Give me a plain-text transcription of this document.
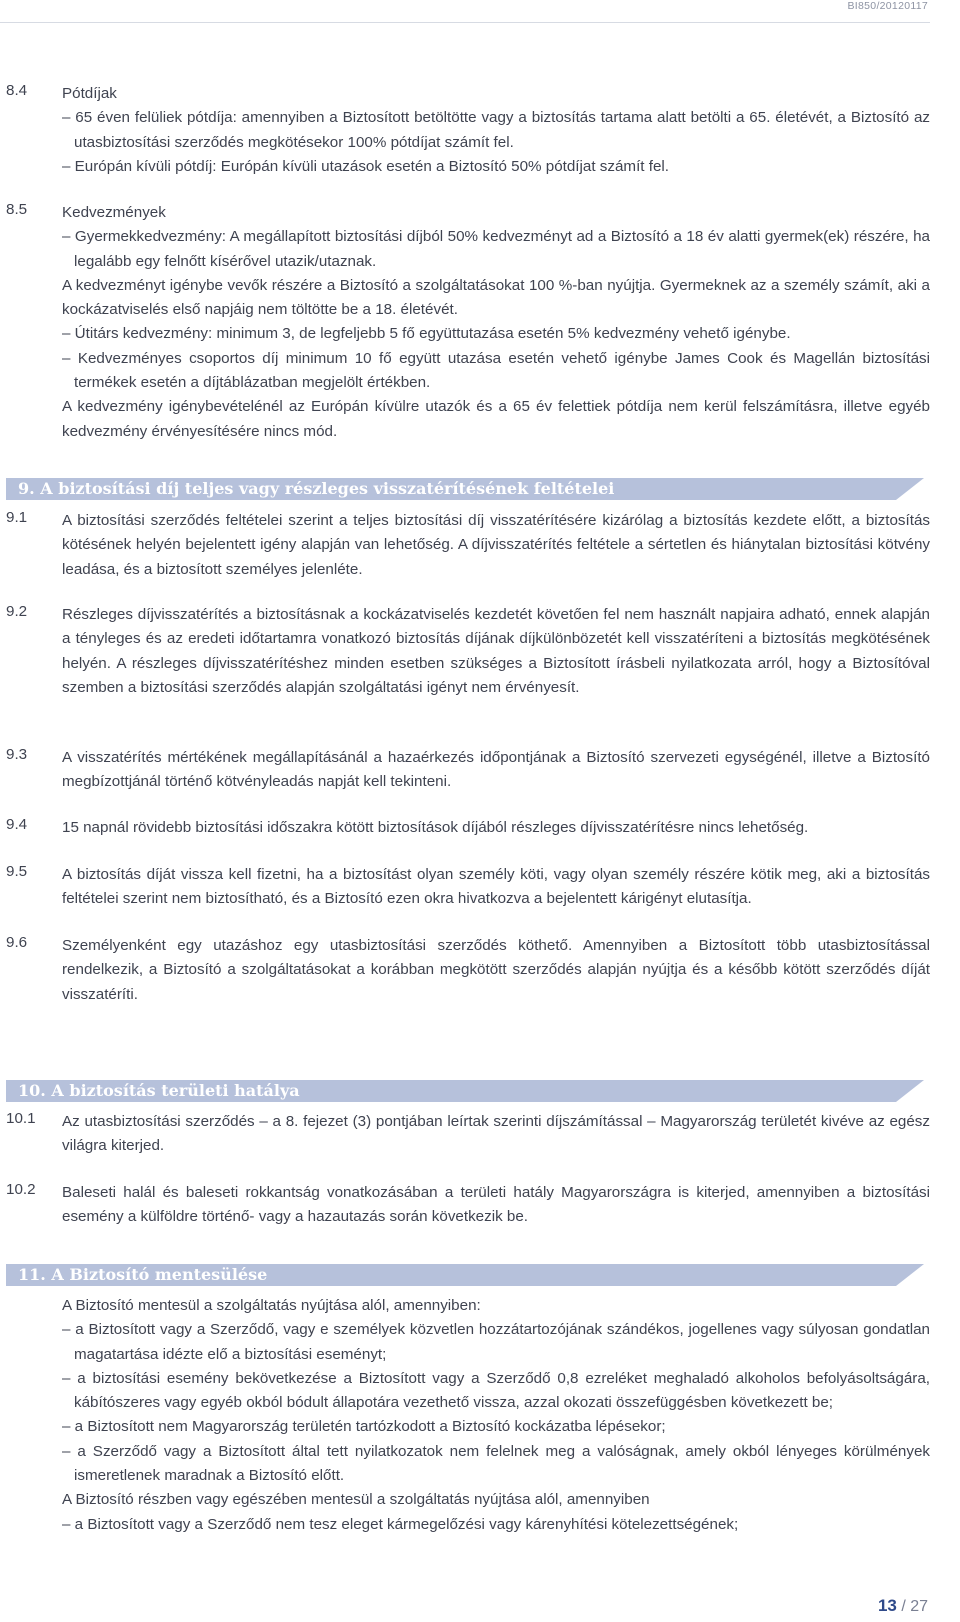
BI850/20120117
8.4 Pótdíjak

– 65 éven felüliek pótdíja: amennyiben a Biztosított betöltötte vagy a biztosítás tartama alatt betölti a 65. életévét, a Biztosító az utasbiztosítási szerződés megkötésekor 100% pótdíjat számít fel.

– Európán kívüli pótdíj: Európán kívüli utazások esetén a Biztosító 50% pótdíjat számít fel.

8.5 Kedvezmények

– Gyermekkedvezmény: A megállapított biztosítási díjból 50% kedvezményt ad a Biztosító a 18 év alatti gyermek(ek) részére, ha legalább egy felnőtt kísérővel utazik/utaznak.

A kedvezményt igénybe vevők részére a Biztosító a szolgáltatásokat 100 %-ban nyújtja. Gyermeknek az a személy számít, aki a kockázatviselés első napjáig nem töltötte be a 18. életévét.

– Útitárs kedvezmény: minimum 3, de legfeljebb 5 fő együttutazása esetén 5% kedvezmény vehető igénybe.

– Kedvezményes csoportos díj minimum 10 fő együtt utazása esetén vehető igénybe James Cook és Magellán biztosítási termékek esetén a díjtáblázatban megjelölt értékben.

A kedvezmény igénybevételénél az Európán kívülre utazók és a 65 év felettiek pótdíja nem kerül felszámításra, illetve egyéb kedvezmény érvényesítésére nincs mód.

9. A biztosítási díj teljes vagy részleges visszatérítésének feltételei
9.1 A biztosítási szerződés feltételei szerint a teljes biztosítási díj visszatérítésére kizárólag a biztosítás kezdete előtt, a biztosítás kötésének helyén bejelentett igény alapján van lehetőség. A díjvisszatérítés feltétele a sértetlen és hiánytalan biztosítási kötvény leadása, és a biztosított személyes jelenléte.
9.2 Részleges díjvisszatérítés a biztosításnak a kockázatviselés kezdetét követően fel nem használt napjaira adható, ennek alapján a tényleges és az eredeti időtartamra vonatkozó biztosítás díjának díjkülönbözetét kell visszatéríteni a biztosítás megkötésének helyén. A részleges díjvisszatérítéshez minden esetben szükséges a Biztosított írásbeli nyilatkozata arról, hogy a Biztosítóval szemben a biztosítási szerződés alapján szolgáltatási igényt nem érvényesít.
9.3 A visszatérítés mértékének megállapításánál a hazaérkezés időpontjának a Biztosító szervezeti egységénél, illetve a Biztosító megbízottjánál történő kötvényleadás napját kell tekinteni.
9.4 15 napnál rövidebb biztosítási időszakra kötött biztosítások díjából részleges díjvisszatérítésre nincs lehetőség.
9.5 A biztosítás díját vissza kell fizetni, ha a biztosítást olyan személy köti, vagy olyan személy részére kötik meg, aki a biztosítás feltételei szerint nem biztosítható, és a Biztosító ezen okra hivatkozva a bejelentett kárigényt elutasítja.
9.6 Személyenként egy utazáshoz egy utasbiztosítási szerződés köthető. Amennyiben a Biztosított több utasbiztosítással rendelkezik, a Biztosító a szolgáltatásokat a korábban megkötött szerződés alapján nyújtja és a később kötött szerződés díját visszatéríti.
10. A biztosítás területi hatálya
10.1 Az utasbiztosítási szerződés – a 8. fejezet (3) pontjában leírtak szerinti díjszámítással – Magyarország területét kivéve az egész világra kiterjed.
10.2 Baleseti halál és baleseti rokkantság vonatkozásában a területi hatály Magyarországra is kiterjed, amennyiben a biztosítási esemény a külföldre történő- vagy a hazautazás során következik be.
11. A Biztosító mentesülése

A Biztosító mentesül a szolgáltatás nyújtása alól, amennyiben:

– a Biztosított vagy a Szerződő, vagy e személyek közvetlen hozzátartozójának szándékos, jogellenes vagy súlyosan gondatlan magatartása idézte elő a biztosítási eseményt;

– a biztosítási esemény bekövetkezése a Biztosított vagy a Szerződő 0,8 ezreléket meghaladó alkoholos befolyásoltságára, kábítószeres vagy egyéb okból bódult állapotára vezethető vissza, azzal okozati összefüggésben következett be;

– a Biztosított nem Magyarország területén tartózkodott a Biztosító kockázatba lépésekor;

– a Szerződő vagy a Biztosított által tett nyilatkozatok nem felelnek meg a valóságnak, amely okból lényeges körülmények ismeretlenek maradnak a Biztosító előtt.

A Biztosító részben vagy egészében mentesül a szolgáltatás nyújtása alól, amennyiben

– a Biztosított vagy a Szerződő nem tesz eleget kármegelőzési vagy kárenyhítési kötelezettségének;

13 / 27
